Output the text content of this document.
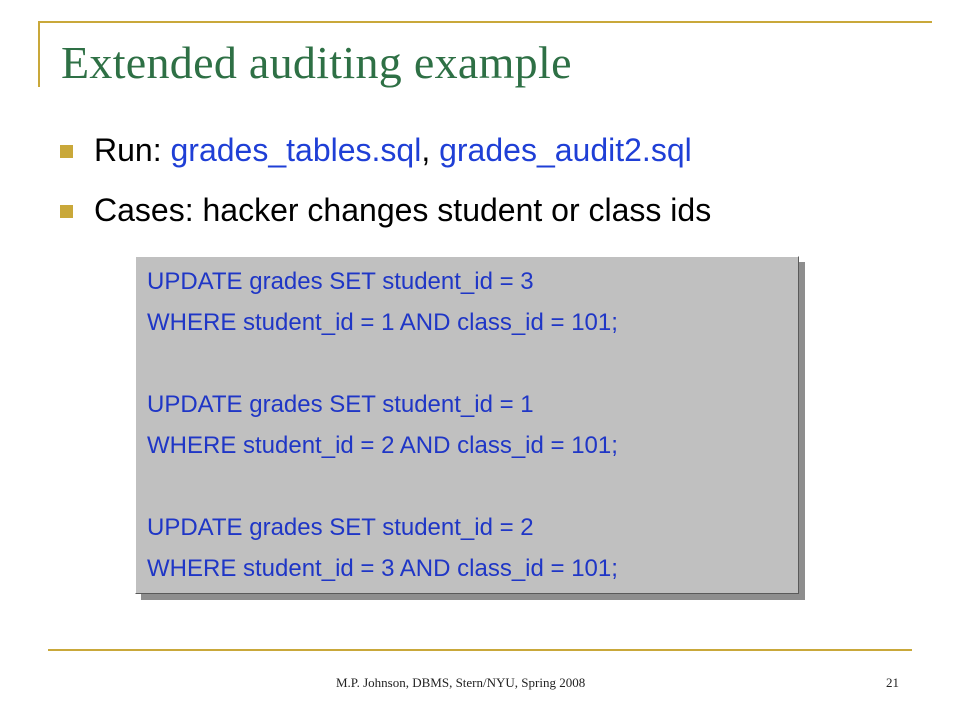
Extended auditing example
Run: grades_tables.sql, grades_audit2.sql
Cases: hacker changes student or class ids
UPDATE grades SET student_id = 3
WHERE student_id = 1 AND class_id = 101;
UPDATE grades SET student_id = 1
WHERE student_id = 2 AND class_id = 101;
UPDATE grades SET student_id = 2
WHERE student_id = 3 AND class_id = 101;
M.P. Johnson, DBMS, Stern/NYU, Spring 2008	21
